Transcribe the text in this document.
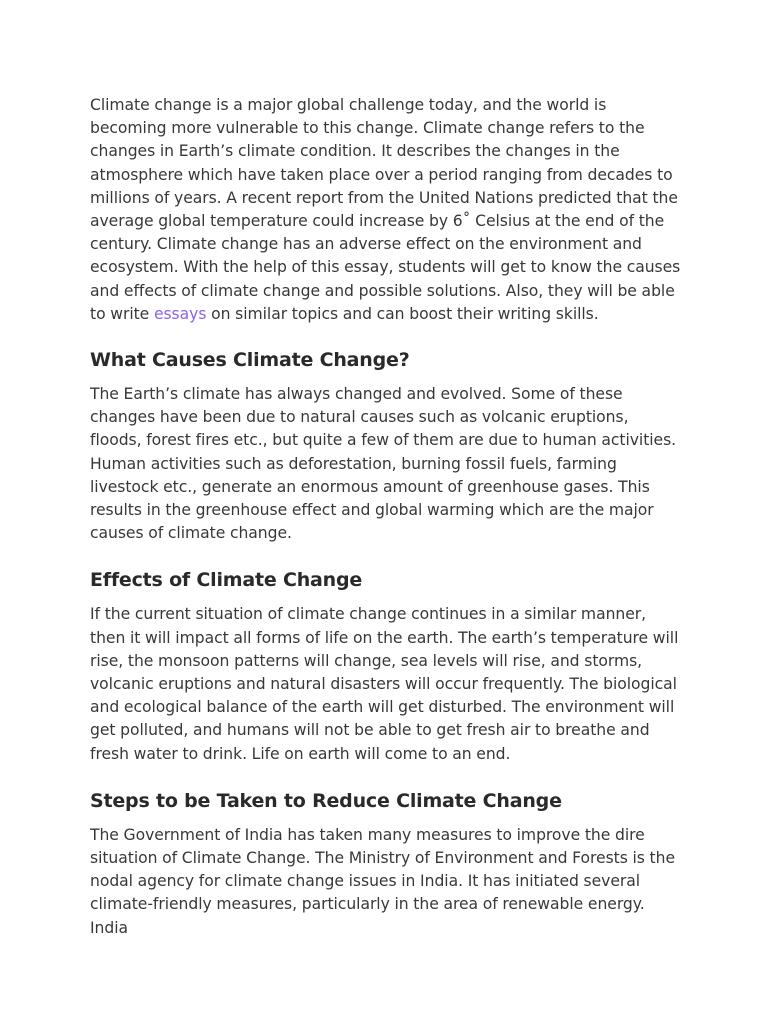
Climate change is a major global challenge today, and the world is becoming more vulnerable to this change. Climate change refers to the changes in Earth’s climate condition. It describes the changes in the atmosphere which have taken place over a period ranging from decades to millions of years. A recent report from the United Nations predicted that the average global temperature could increase by 6˚ Celsius at the end of the century. Climate change has an adverse effect on the environment and ecosystem. With the help of this essay, students will get to know the causes and effects of climate change and possible solutions. Also, they will be able to write essays on similar topics and can boost their writing skills.

What Causes Climate Change?

The Earth’s climate has always changed and evolved. Some of these changes have been due to natural causes such as volcanic eruptions, floods, forest fires etc., but quite a few of them are due to human activities. Human activities such as deforestation, burning fossil fuels, farming livestock etc., generate an enormous amount of greenhouse gases. This results in the greenhouse effect and global warming which are the major causes of climate change.

Effects of Climate Change

If the current situation of climate change continues in a similar manner, then it will impact all forms of life on the earth. The earth’s temperature will rise, the monsoon patterns will change, sea levels will rise, and storms, volcanic eruptions and natural disasters will occur frequently. The biological and ecological balance of the earth will get disturbed. The environment will get polluted, and humans will not be able to get fresh air to breathe and fresh water to drink. Life on earth will come to an end.

Steps to be Taken to Reduce Climate Change

The Government of India has taken many measures to improve the dire situation of Climate Change. The Ministry of Environment and Forests is the nodal agency for climate change issues in India. It has initiated several climate-friendly measures, particularly in the area of renewable energy. India
